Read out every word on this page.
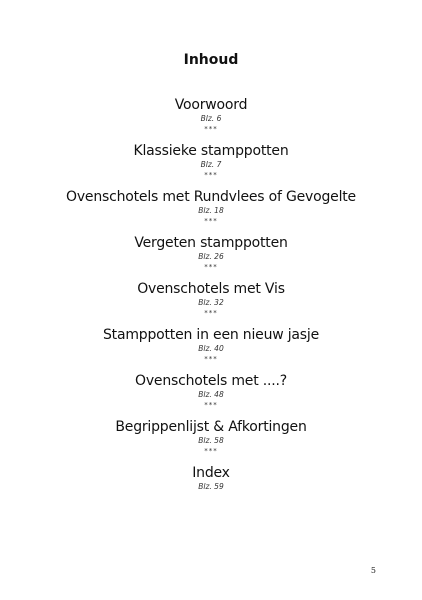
Inhoud
Voorwoord
Blz. 6
***
Klassieke stamppotten
Blz. 7
***
Ovenschotels met Rundvlees of Gevogelte
Blz. 18
***
Vergeten stamppotten
Blz. 26
***
Ovenschotels met Vis
Blz. 32
***
Stamppotten in een nieuw jasje
Blz. 40
***
Ovenschotels met ....?
Blz. 48
***
Begrippenlijst & Afkortingen
Blz. 58
***
Index
Blz. 59
5
